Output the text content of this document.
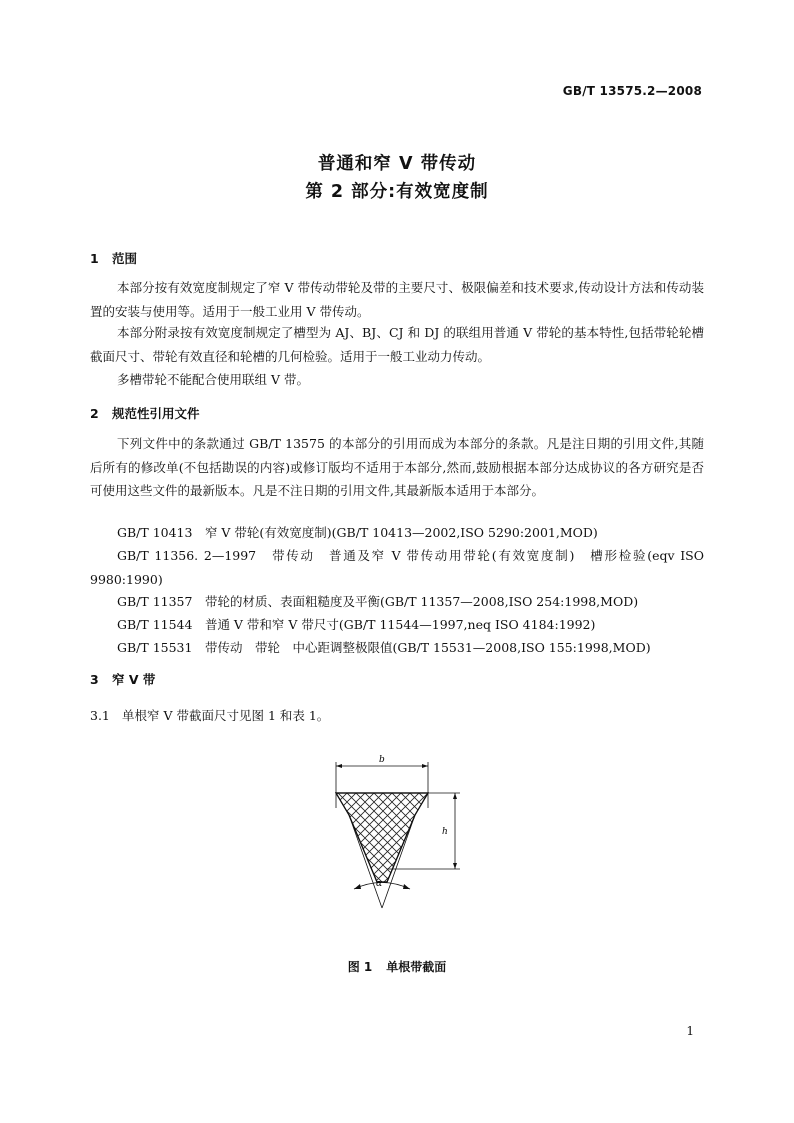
GB/T 13575.2—2008
普通和窄 V 带传动
第 2 部分:有效宽度制
1 范围

本部分按有效宽度制规定了窄 V 带传动带轮及带的主要尺寸、极限偏差和技术要求,传动设计方法和传动装置的安装与使用等。适用于一般工业用 V 带传动。

本部分附录按有效宽度制规定了槽型为 AJ、BJ、CJ 和 DJ 的联组用普通 V 带轮的基本特性,包括带轮轮槽截面尺寸、带轮有效直径和轮槽的几何检验。适用于一般工业动力传动。

多槽带轮不能配合使用联组 V 带。

2 规范性引用文件

下列文件中的条款通过 GB/T 13575 的本部分的引用而成为本部分的条款。凡是注日期的引用文件,其随后所有的修改单(不包括勘误的内容)或修订版均不适用于本部分,然而,鼓励根据本部分达成协议的各方研究是否可使用这些文件的最新版本。凡是不注日期的引用文件,其最新版本适用于本部分。

GB/T 10413　窄 V 带轮(有效宽度制)(GB/T 10413—2002,ISO 5290:2001,MOD)

GB/T 11356. 2—1997　带传动　普通及窄 V 带传动用带轮(有效宽度制)　槽形检验(eqv ISO 9980:1990)

GB/T 11357　带轮的材质、表面粗糙度及平衡(GB/T 11357—2008,ISO 254:1998,MOD)

GB/T 11544　普通 V 带和窄 V 带尺寸(GB/T 11544—1997,neq ISO 4184:1992)

GB/T 15531　带传动　带轮　中心距调整极限值(GB/T 15531—2008,ISO 155:1998,MOD)

3 窄 V 带
3.1 单根窄 V 带截面尺寸见图 1 和表 1。
b
h
α
图 1 单根带截面
1
